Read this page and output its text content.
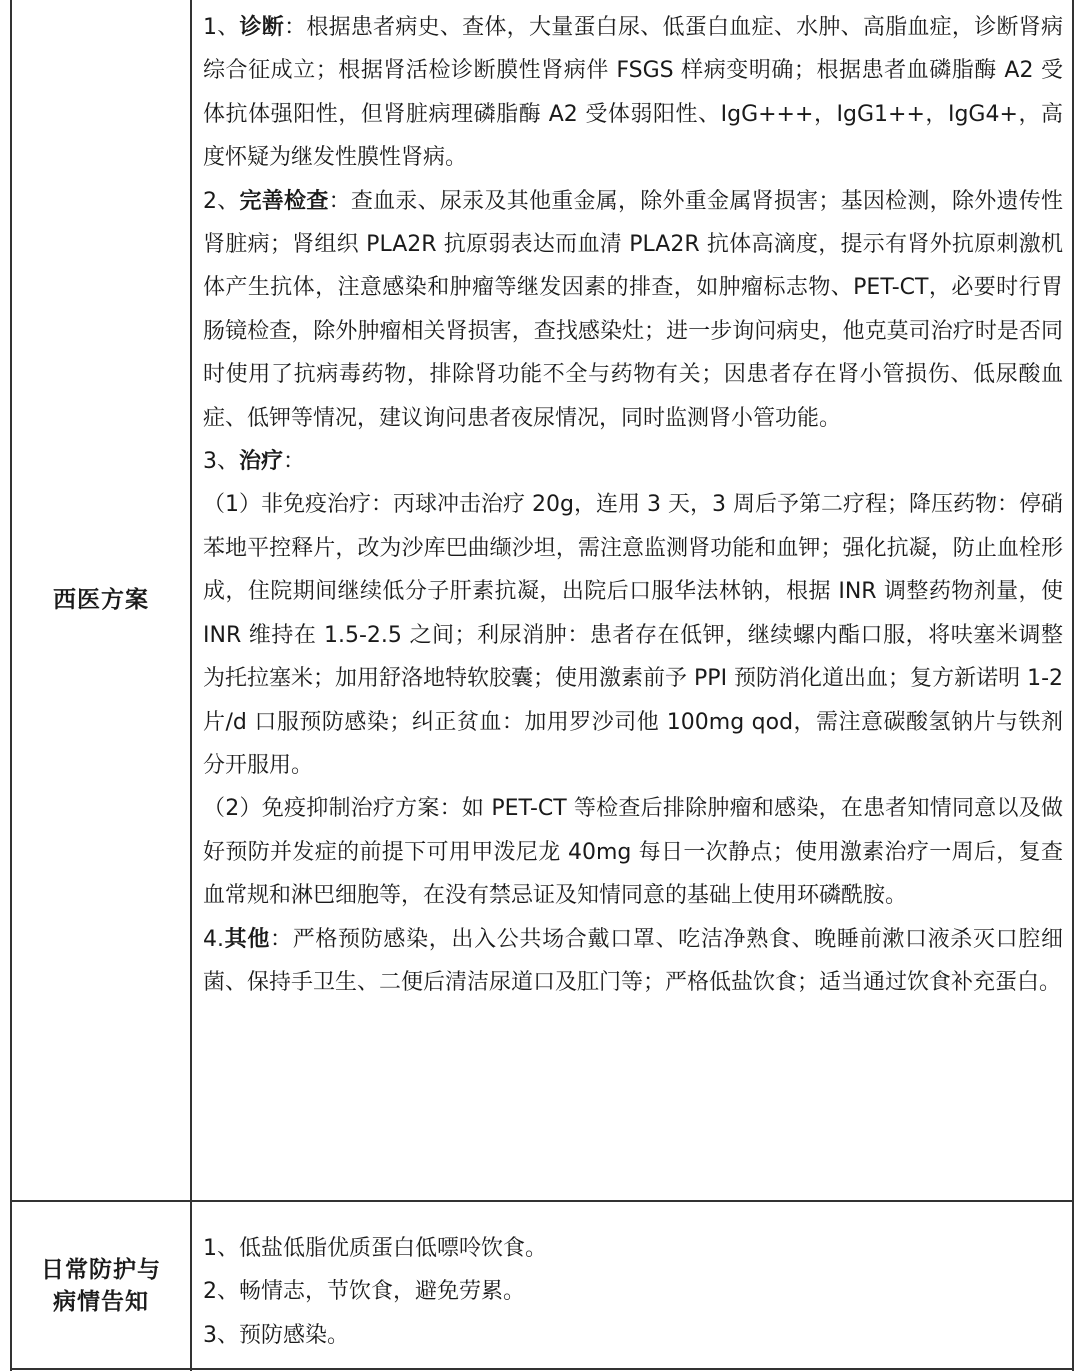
西医方案

1、诊断：根据患者病史、查体，大量蛋白尿、低蛋白血症、水肿、高脂血症，诊断肾病综合征成立；根据肾活检诊断膜性肾病伴 FSGS 样病变明确；根据患者血磷脂酶 A2 受体抗体强阳性，但肾脏病理磷脂酶 A2 受体弱阳性、IgG+++，IgG1++，IgG4+，高度怀疑为继发性膜性肾病。

2、完善检查：查血汞、尿汞及其他重金属，除外重金属肾损害；基因检测，除外遗传性肾脏病；肾组织 PLA2R 抗原弱表达而血清 PLA2R 抗体高滴度，提示有肾外抗原刺激机体产生抗体，注意感染和肿瘤等继发因素的排查，如肿瘤标志物、PET-CT，必要时行胃肠镜检查，除外肿瘤相关肾损害，查找感染灶；进一步询问病史，他克莫司治疗时是否同时使用了抗病毒药物，排除肾功能不全与药物有关；因患者存在肾小管损伤、低尿酸血症、低钾等情况，建议询问患者夜尿情况，同时监测肾小管功能。

3、治疗：

（1）非免疫治疗：丙球冲击治疗 20g，连用 3 天，3 周后予第二疗程；降压药物：停硝苯地平控释片，改为沙库巴曲缬沙坦，需注意监测肾功能和血钾；强化抗凝，防止血栓形成，住院期间继续低分子肝素抗凝，出院后口服华法林钠，根据 INR 调整药物剂量，使 INR 维持在 1.5-2.5 之间；利尿消肿：患者存在低钾，继续螺内酯口服，将呋塞米调整为托拉塞米；加用舒洛地特软胶囊；使用激素前予 PPI 预防消化道出血；复方新诺明 1-2 片/d 口服预防感染；纠正贫血：加用罗沙司他 100mg qod，需注意碳酸氢钠片与铁剂分开服用。

（2）免疫抑制治疗方案：如 PET-CT 等检查后排除肿瘤和感染，在患者知情同意以及做好预防并发症的前提下可用甲泼尼龙 40mg 每日一次静点；使用激素治疗一周后，复查血常规和淋巴细胞等，在没有禁忌证及知情同意的基础上使用环磷酰胺。

4.其他：严格预防感染，出入公共场合戴口罩、吃洁净熟食、晚睡前漱口液杀灭口腔细菌、保持手卫生、二便后清洁尿道口及肛门等；严格低盐饮食；适当通过饮食补充蛋白。

日常防护与
病情告知

1、低盐低脂优质蛋白低嘌呤饮食。

2、畅情志，节饮食，避免劳累。

3、预防感染。
